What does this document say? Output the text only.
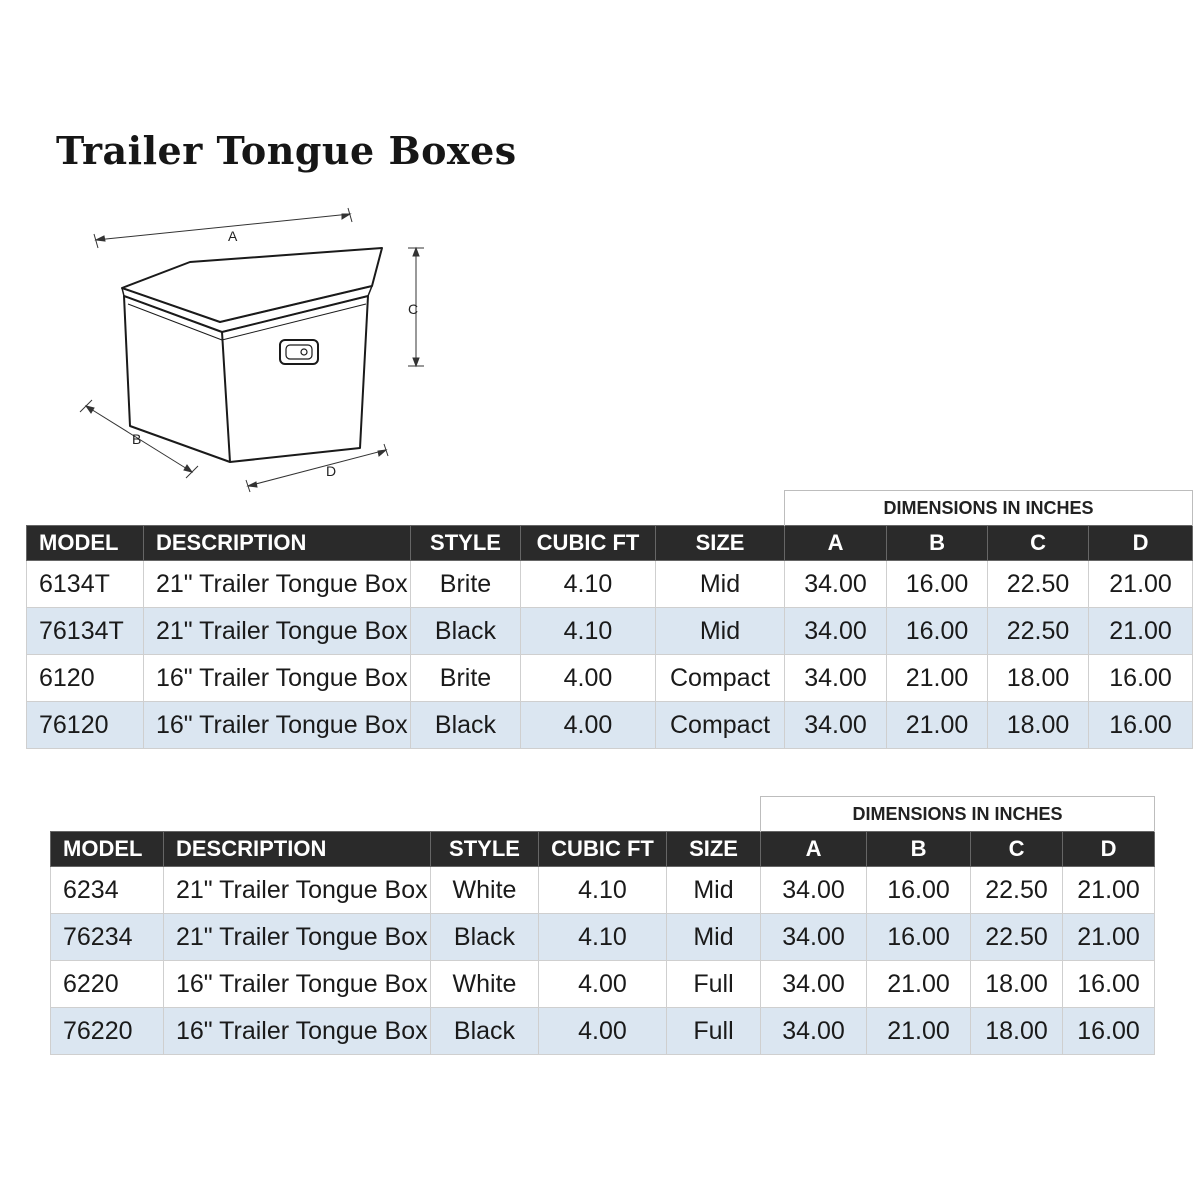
Trailer Tongue Boxes
A
C
B
D
					DIMENSIONS IN INCHES			
MODEL	DESCRIPTION	STYLE	CUBIC FT	SIZE	A	B	C	D
6134T	21" Trailer Tongue Box	Brite	4.10	Mid	34.00	16.00	22.50	21.00
76134T	21" Trailer Tongue Box	Black	4.10	Mid	34.00	16.00	22.50	21.00
6120	16" Trailer Tongue Box	Brite	4.00	Compact	34.00	21.00	18.00	16.00
76120	16" Trailer Tongue Box	Black	4.00	Compact	34.00	21.00	18.00	16.00
					DIMENSIONS IN INCHES			
MODEL	DESCRIPTION	STYLE	CUBIC FT	SIZE	A	B	C	D
6234	21" Trailer Tongue Box	White	4.10	Mid	34.00	16.00	22.50	21.00
76234	21" Trailer Tongue Box	Black	4.10	Mid	34.00	16.00	22.50	21.00
6220	16" Trailer Tongue Box	White	4.00	Full	34.00	21.00	18.00	16.00
76220	16" Trailer Tongue Box	Black	4.00	Full	34.00	21.00	18.00	16.00
